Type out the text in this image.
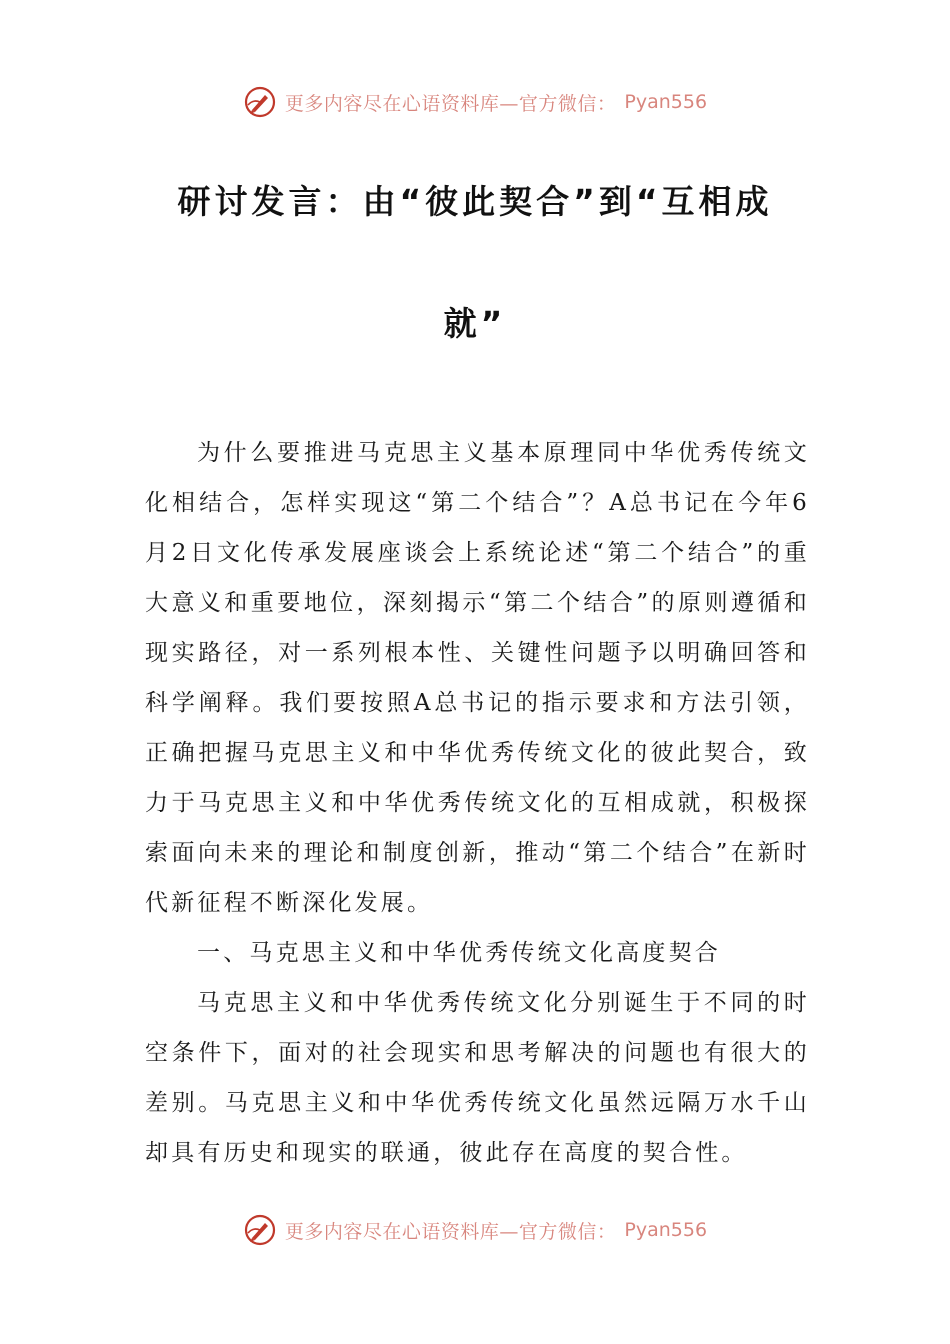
更多内容尽在心语资料库—官方微信： Pyan556
研讨发言：由“彼此契合”到“互相成
就”

为什么要推进马克思主义基本原理同中华优秀传统文化相结合，怎样实现这“第二个结合”？A总书记在今年6月2日文化传承发展座谈会上系统论述“第二个结合”的重大意义和重要地位，深刻揭示“第二个结合”的原则遵循和现实路径，对一系列根本性、关键性问题予以明确回答和科学阐释。我们要按照A总书记的指示要求和方法引领，正确把握马克思主义和中华优秀传统文化的彼此契合，致力于马克思主义和中华优秀传统文化的互相成就，积极探索面向未来的理论和制度创新，推动“第二个结合”在新时代新征程不断深化发展。

一、马克思主义和中华优秀传统文化高度契合

马克思主义和中华优秀传统文化分别诞生于不同的时空条件下，面对的社会现实和思考解决的问题也有很大的差别。马克思主义和中华优秀传统文化虽然远隔万水千山却具有历史和现实的联通，彼此存在高度的契合性。

更多内容尽在心语资料库—官方微信： Pyan556
